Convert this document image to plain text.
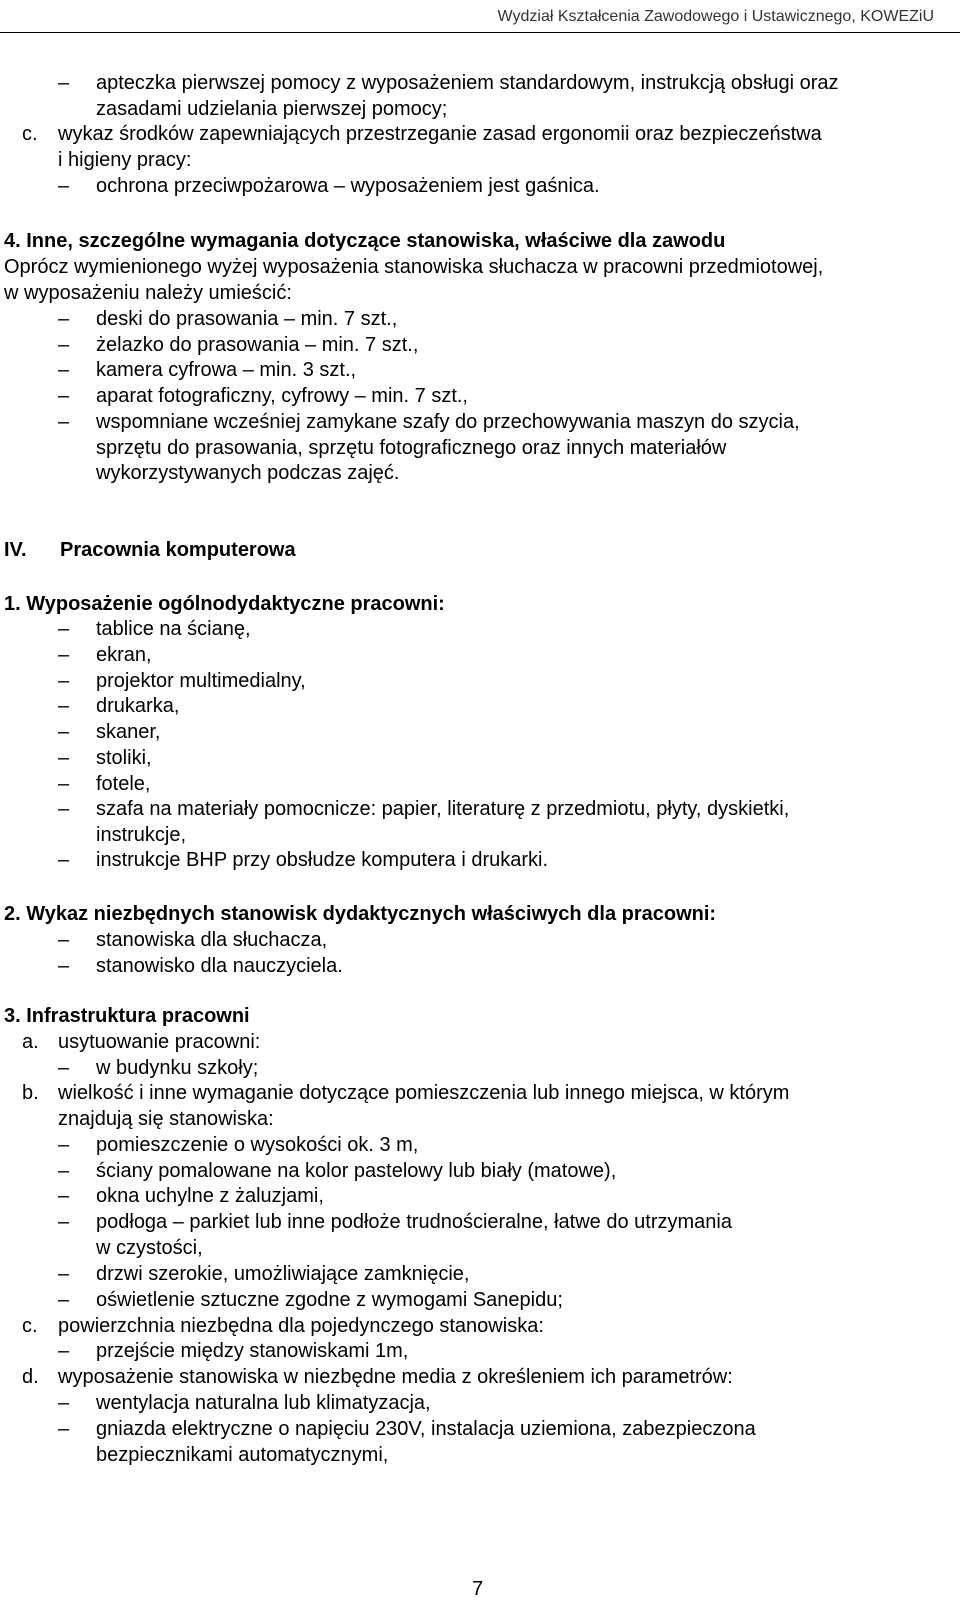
Wydział Kształcenia Zawodowego i Ustawicznego, KOWEZiU
– apteczka pierwszej pomocy z wyposażeniem standardowym, instrukcją obsługi oraz
zasadami udzielania pierwszej pomocy;
c. wykaz środków zapewniających przestrzeganie zasad ergonomii oraz bezpieczeństwa
i higieny pracy:
– ochrona przeciwpożarowa – wyposażeniem jest gaśnica.
4. Inne, szczególne wymagania dotyczące stanowiska, właściwe dla zawodu
Oprócz wymienionego wyżej wyposażenia stanowiska słuchacza w pracowni przedmiotowej,
w wyposażeniu należy umieścić:
– deski do prasowania – min. 7 szt.,
– żelazko do prasowania – min. 7 szt.,
– kamera cyfrowa – min. 3 szt.,
– aparat fotograficzny, cyfrowy – min. 7 szt.,
– wspomniane wcześniej zamykane szafy do przechowywania maszyn do szycia,
sprzętu do prasowania, sprzętu fotograficznego oraz innych materiałów
wykorzystywanych podczas zajęć.
IV. Pracownia komputerowa
1. Wyposażenie ogólnodydaktyczne pracowni:
– tablice na ścianę,
– ekran,
– projektor multimedialny,
– drukarka,
– skaner,
– stoliki,
– fotele,
– szafa na materiały pomocnicze: papier, literaturę z przedmiotu, płyty, dyskietki,
instrukcje,
– instrukcje BHP przy obsłudze komputera i drukarki.
2. Wykaz niezbędnych stanowisk dydaktycznych właściwych dla pracowni:
– stanowiska dla słuchacza,
– stanowisko dla nauczyciela.
3. Infrastruktura pracowni
a. usytuowanie pracowni:
– w budynku szkoły;
b. wielkość i inne wymaganie dotyczące pomieszczenia lub innego miejsca, w którym
znajdują się stanowiska:
– pomieszczenie o wysokości ok. 3 m,
– ściany pomalowane na kolor pastelowy lub biały (matowe),
– okna uchylne z żaluzjami,
– podłoga – parkiet lub inne podłoże trudnościeralne, łatwe do utrzymania
w czystości,
– drzwi szerokie, umożliwiające zamknięcie,
– oświetlenie sztuczne zgodne z wymogami Sanepidu;
c. powierzchnia niezbędna dla pojedynczego stanowiska:
– przejście między stanowiskami 1m,
d. wyposażenie stanowiska w niezbędne media z określeniem ich parametrów:
– wentylacja naturalna lub klimatyzacja,
– gniazda elektryczne o napięciu 230V, instalacja uziemiona, zabezpieczona
bezpiecznikami automatycznymi,
7
